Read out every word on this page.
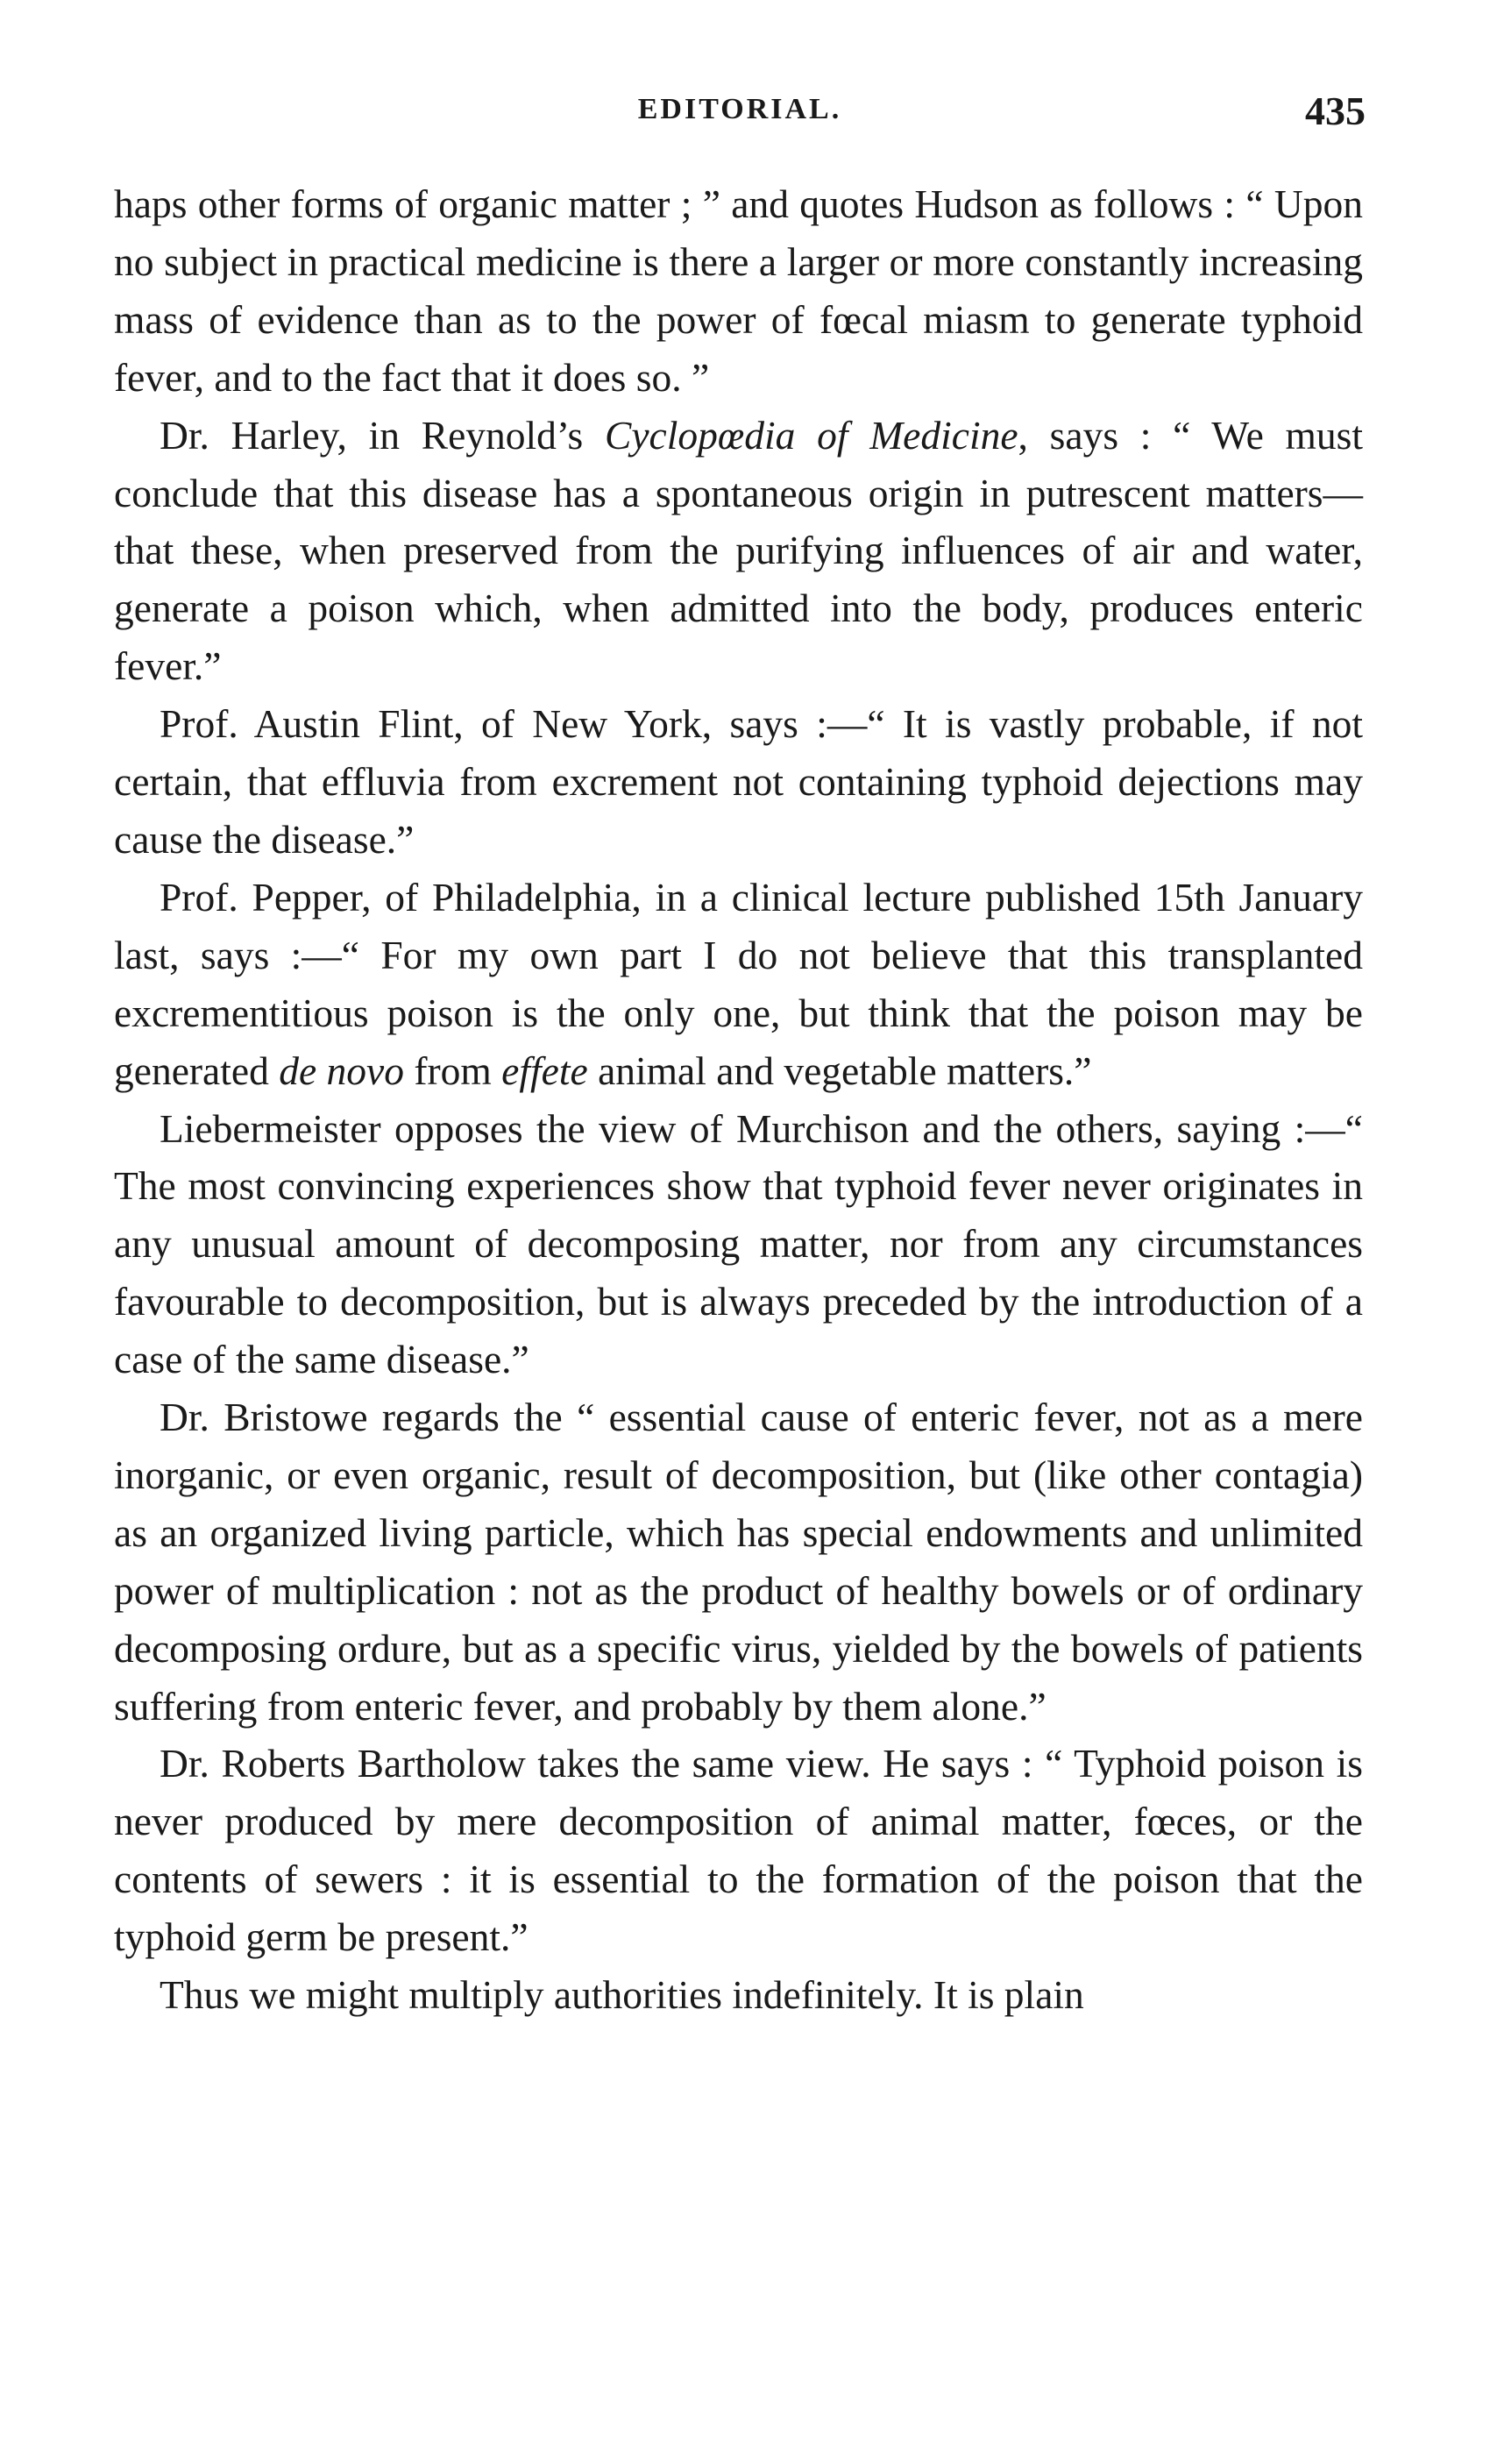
EDITORIAL.	435

haps other forms of organic matter ; ” and quotes Hudson as follows : “ Upon no subject in practical medicine is there a larger or more constantly increasing mass of evidence than as to the power of fœcal miasm to generate typhoid fever, and to the fact that it does so. ”

Dr. Harley, in Reynold’s Cyclopœdia of Medicine, says : “ We must conclude that this disease has a spontaneous origin in putrescent matters—that these, when preserved from the purifying influences of air and water, generate a poison which, when admitted into the body, produces enteric fever.”

Prof. Austin Flint, of New York, says :—“ It is vastly probable, if not certain, that effluvia from excrement not containing typhoid dejections may cause the disease.”

Prof. Pepper, of Philadelphia, in a clinical lecture published 15th January last, says :—“ For my own part I do not believe that this transplanted excrementitious poison is the only one, but think that the poison may be generated de novo from effete animal and vegetable matters.”

Liebermeister opposes the view of Murchison and the others, saying :—“ The most convincing experiences show that typhoid fever never originates in any unusual amount of decomposing matter, nor from any circumstances favourable to decomposition, but is always preceded by the introduction of a case of the same disease.”

Dr. Bristowe regards the “ essential cause of enteric fever, not as a mere inorganic, or even organic, result of decomposition, but (like other contagia) as an organized living particle, which has special endowments and unlimited power of multiplication : not as the product of healthy bowels or of ordinary decomposing ordure, but as a specific virus, yielded by the bowels of patients suffering from enteric fever, and probably by them alone.”

Dr. Roberts Bartholow takes the same view. He says : “ Typhoid poison is never produced by mere decomposition of animal matter, fœces, or the contents of sewers : it is essential to the formation of the poison that the typhoid germ be present.”

Thus we might multiply authorities indefinitely. It is plain
